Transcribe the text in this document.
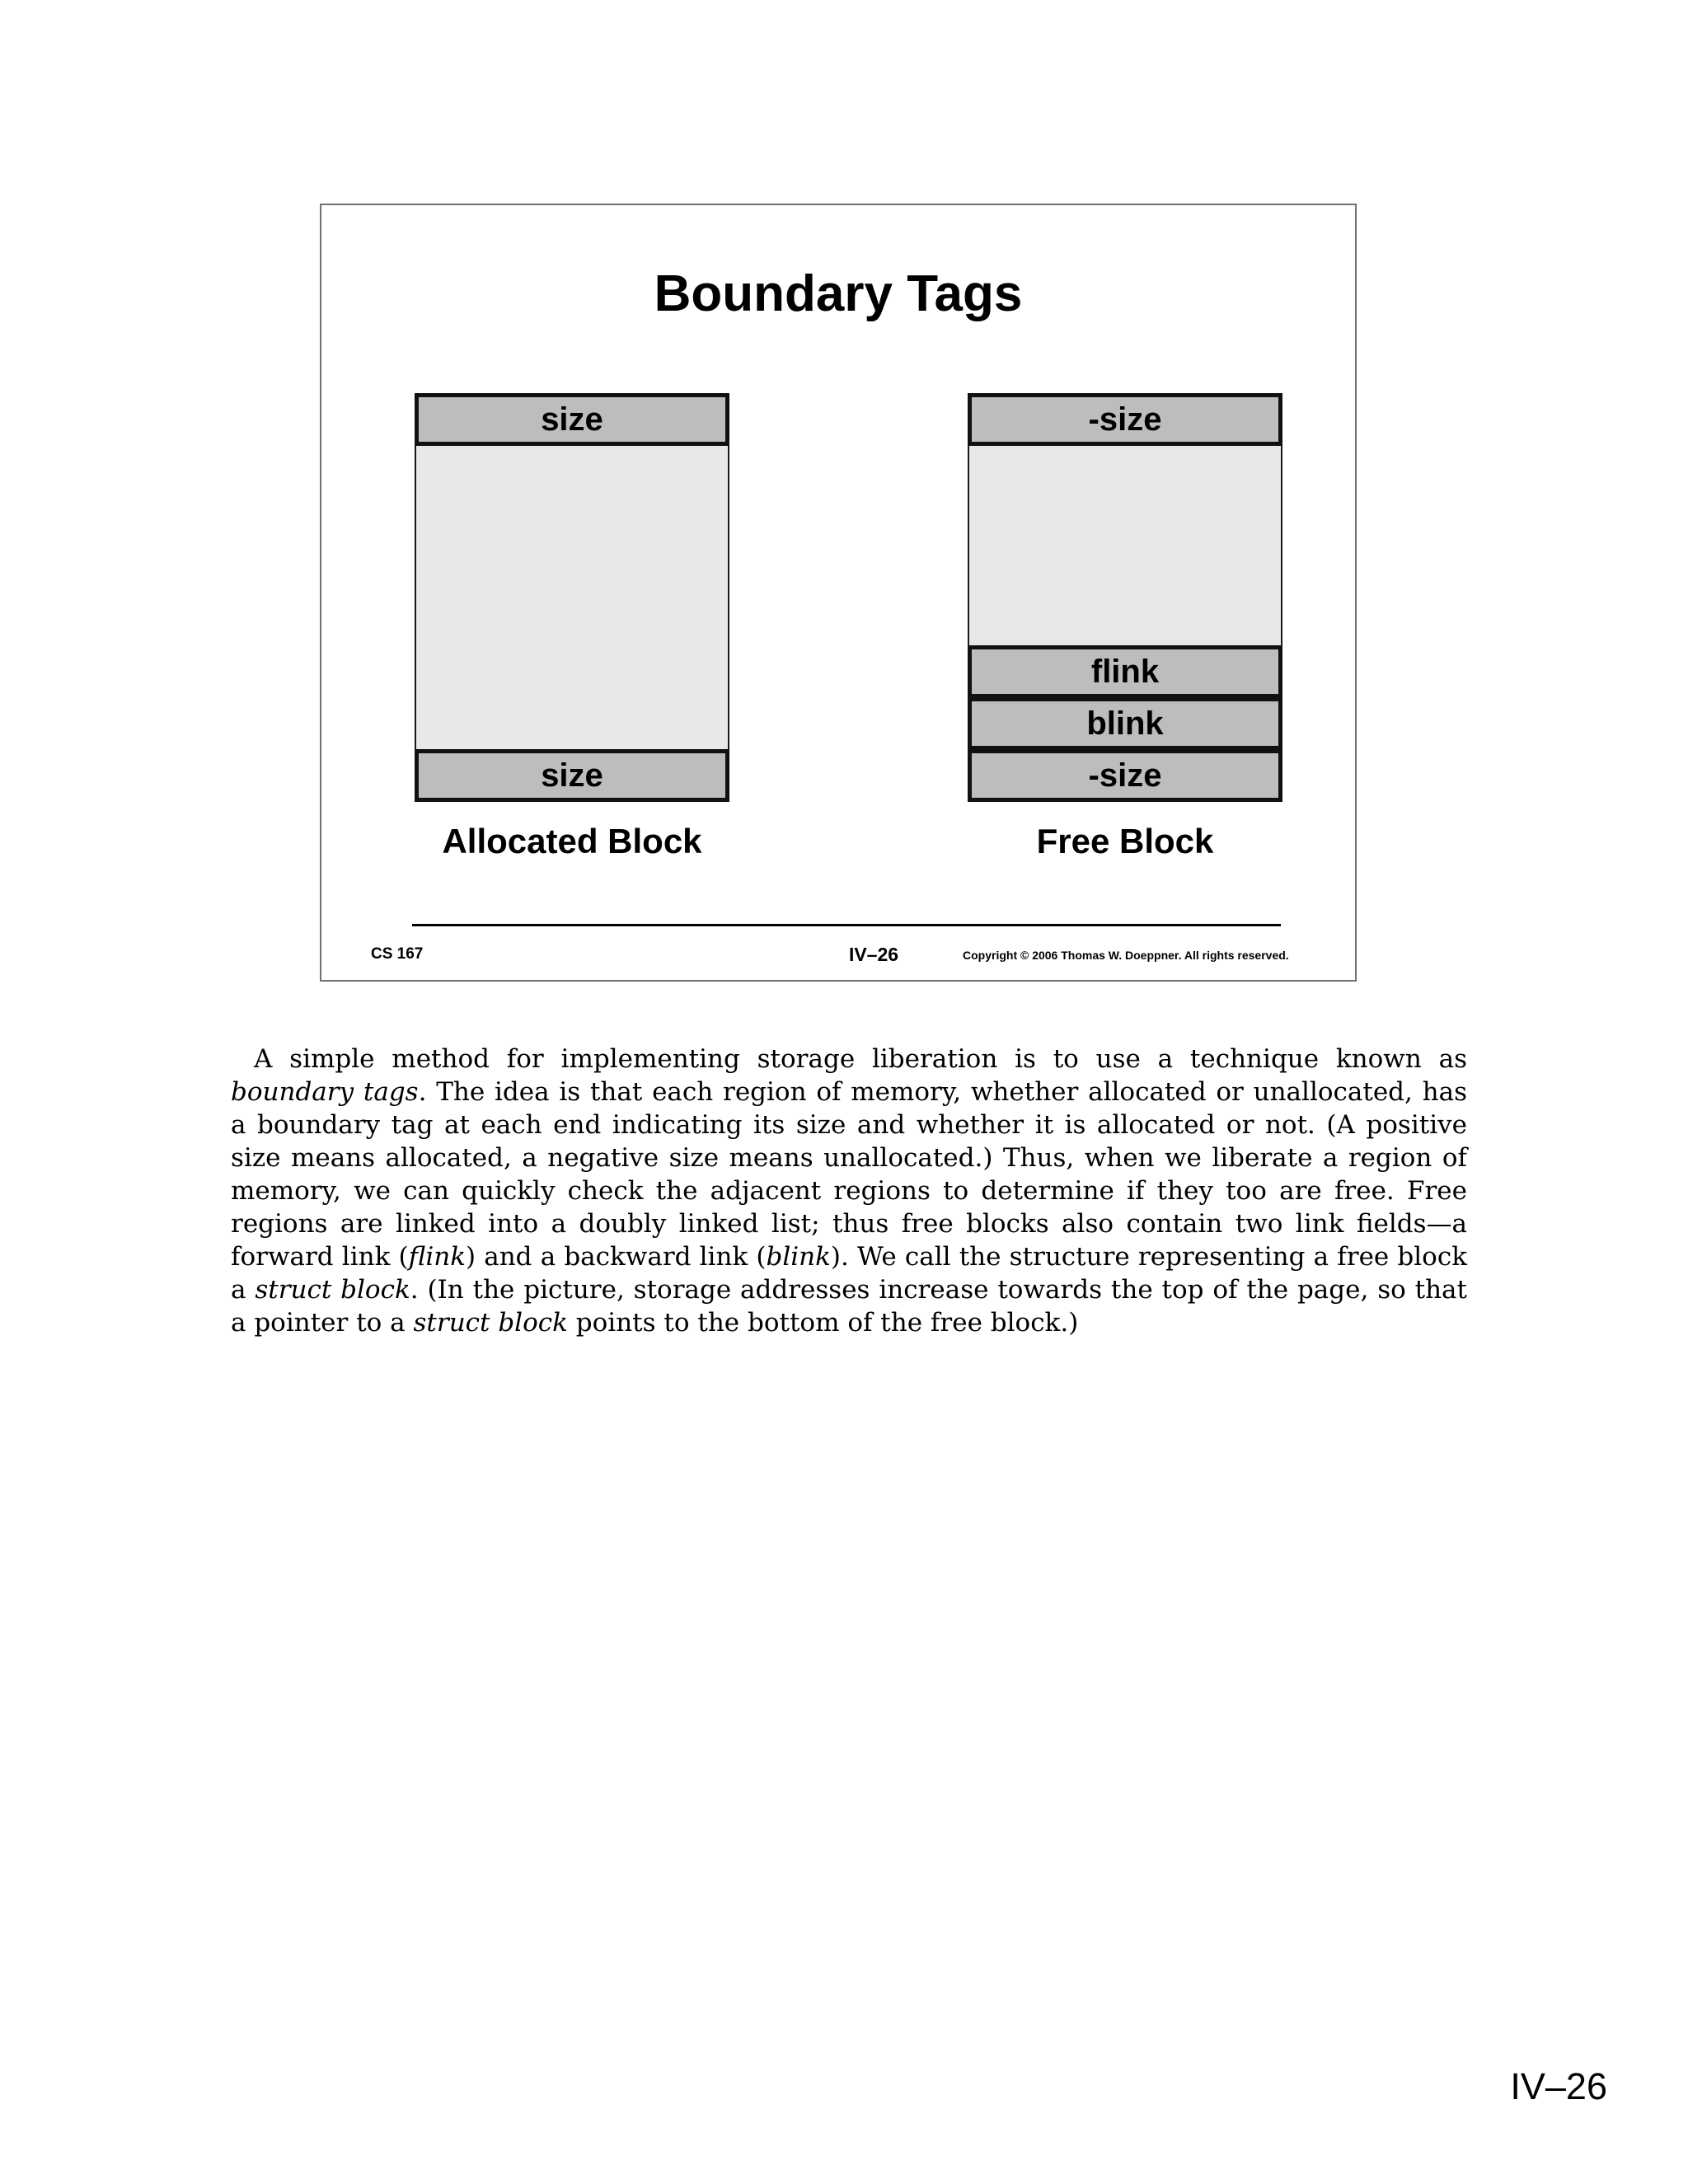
Boundary Tags
size
size
Allocated Block
-size
flink
blink
-size
Free Block
CS 167	IV–26	Copyright © 2006 Thomas W. Doeppner. All rights reserved.

A simple method for implementing storage liberation is to use a technique known as boundary tags. The idea is that each region of memory, whether allocated or unallocated, has a boundary tag at each end indicating its size and whether it is allocated or not. (A positive size means allocated, a negative size means unallocated.) Thus, when we liberate a region of memory, we can quickly check the adjacent regions to determine if they too are free. Free regions are linked into a doubly linked list; thus free blocks also contain two link fields—a forward link (flink) and a backward link (blink). We call the structure representing a free block a struct block. (In the picture, storage addresses increase towards the top of the page, so that a pointer to a struct block points to the bottom of the free block.)

IV–26
